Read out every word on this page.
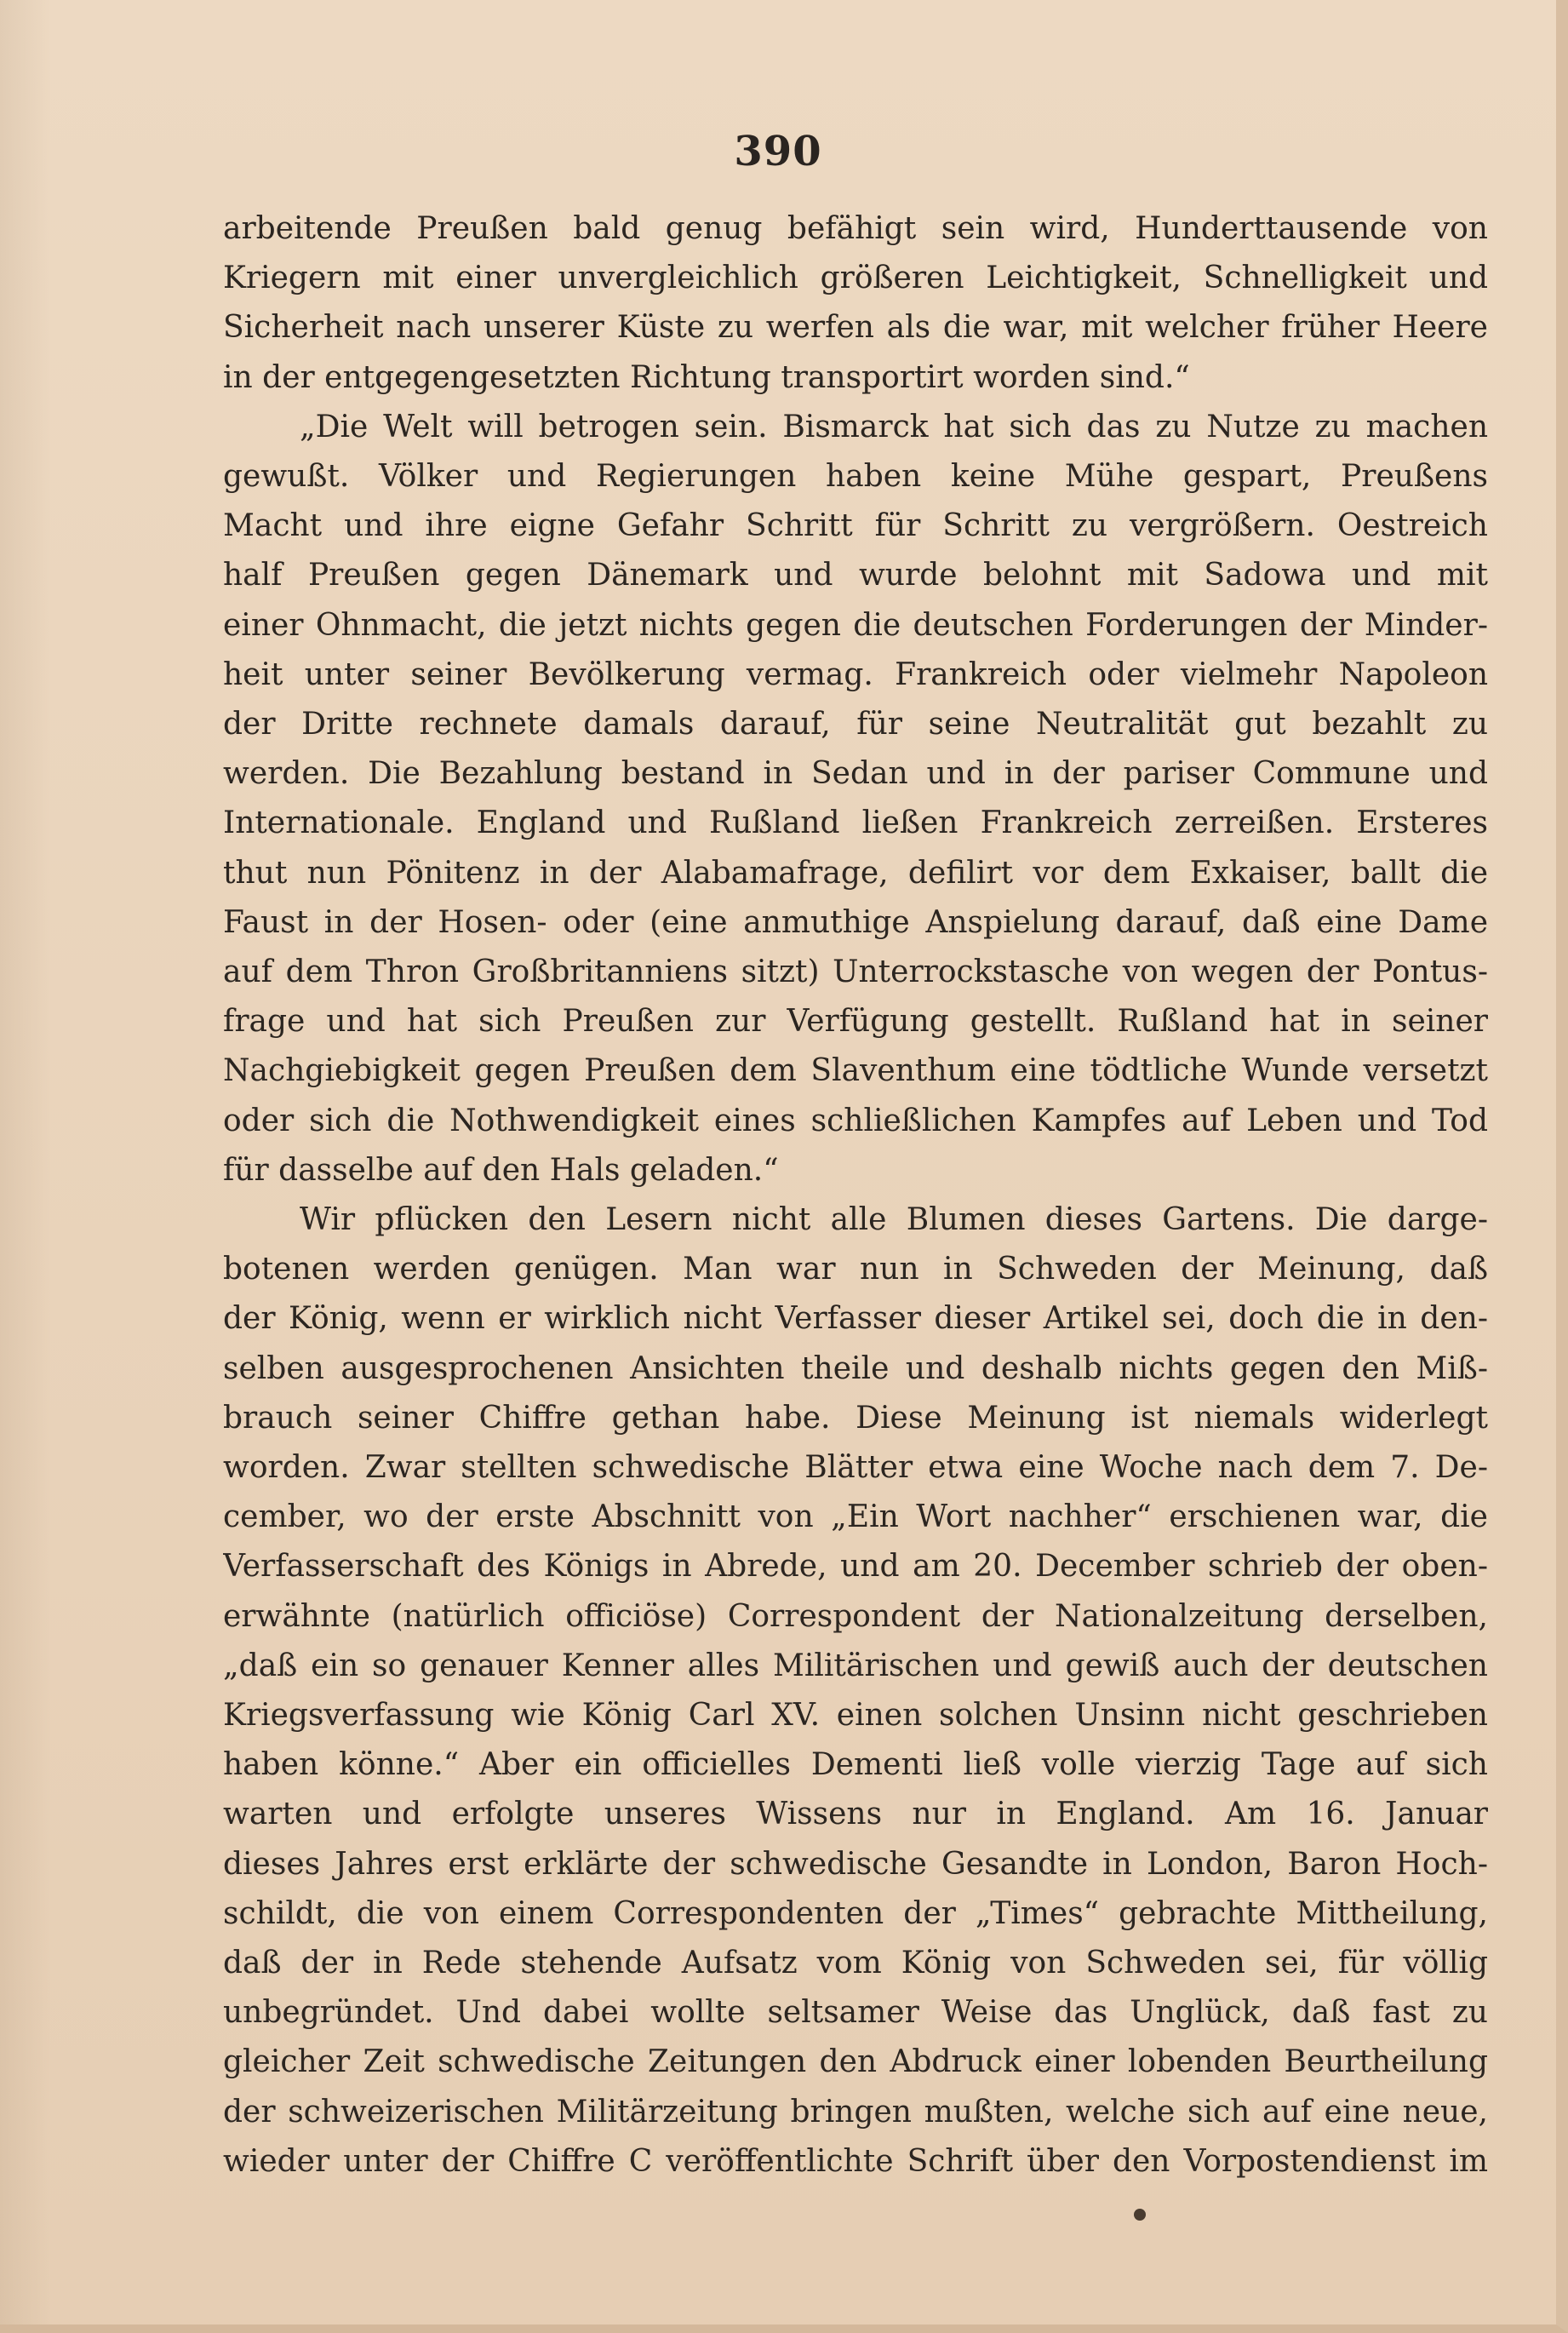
390
arbeitende Preußen bald genug befähigt sein wird, Hunderttausende von
Kriegern mit einer unvergleichlich größeren Leichtigkeit, Schnelligkeit und
Sicherheit nach unserer Küste zu werfen als die war, mit welcher früher Heere
in der entgegengesetzten Richtung transportirt worden sind.“
„Die Welt will betrogen sein. Bismarck hat sich das zu Nutze zu machen
gewußt. Völker und Regierungen haben keine Mühe gespart, Preußens
Macht und ihre eigne Gefahr Schritt für Schritt zu vergrößern. Oestreich
half Preußen gegen Dänemark und wurde belohnt mit Sadowa und mit
einer Ohnmacht, die jetzt nichts gegen die deutschen Forderungen der Minder-
heit unter seiner Bevölkerung vermag. Frankreich oder vielmehr Napoleon
der Dritte rechnete damals darauf, für seine Neutralität gut bezahlt zu
werden. Die Bezahlung bestand in Sedan und in der pariser Commune und
Internationale. England und Rußland ließen Frankreich zerreißen. Ersteres
thut nun Pönitenz in der Alabamafrage, defilirt vor dem Exkaiser, ballt die
Faust in der Hosen- oder (eine anmuthige Anspielung darauf, daß eine Dame
auf dem Thron Großbritanniens sitzt) Unterrockstasche von wegen der Pontus-
frage und hat sich Preußen zur Verfügung gestellt. Rußland hat in seiner
Nachgiebigkeit gegen Preußen dem Slaventhum eine tödtliche Wunde versetzt
oder sich die Nothwendigkeit eines schließlichen Kampfes auf Leben und Tod
für dasselbe auf den Hals geladen.“
Wir pflücken den Lesern nicht alle Blumen dieses Gartens. Die darge-
botenen werden genügen. Man war nun in Schweden der Meinung, daß
der König, wenn er wirklich nicht Verfasser dieser Artikel sei, doch die in den-
selben ausgesprochenen Ansichten theile und deshalb nichts gegen den Miß-
brauch seiner Chiffre gethan habe. Diese Meinung ist niemals widerlegt
worden. Zwar stellten schwedische Blätter etwa eine Woche nach dem 7. De-
cember, wo der erste Abschnitt von „Ein Wort nachher“ erschienen war, die
Verfasserschaft des Königs in Abrede, und am 20. December schrieb der oben-
erwähnte (natürlich officiöse) Correspondent der Nationalzeitung derselben,
„daß ein so genauer Kenner alles Militärischen und gewiß auch der deutschen
Kriegsverfassung wie König Carl XV. einen solchen Unsinn nicht geschrieben
haben könne.“ Aber ein officielles Dementi ließ volle vierzig Tage auf sich
warten und erfolgte unseres Wissens nur in England. Am 16. Januar
dieses Jahres erst erklärte der schwedische Gesandte in London, Baron Hoch-
schildt, die von einem Correspondenten der „Times“ gebrachte Mittheilung,
daß der in Rede stehende Aufsatz vom König von Schweden sei, für völlig
unbegründet. Und dabei wollte seltsamer Weise das Unglück, daß fast zu
gleicher Zeit schwedische Zeitungen den Abdruck einer lobenden Beurtheilung
der schweizerischen Militärzeitung bringen mußten, welche sich auf eine neue,
wieder unter der Chiffre C veröffentlichte Schrift über den Vorpostendienst im
